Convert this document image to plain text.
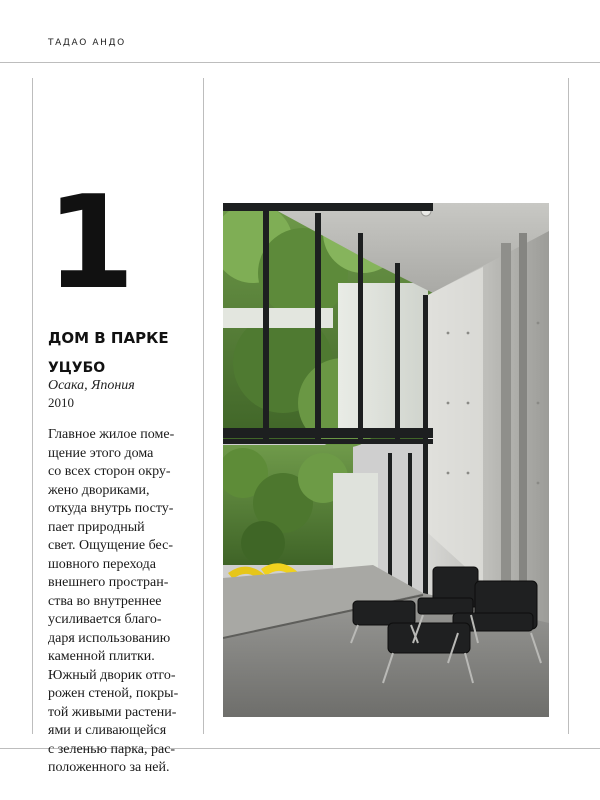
ТАДАО АНДО
1
ДОМ В ПАРКЕ
УЦУБО
Осака, Япония
2010
Главное жилое поме-
щение этого дома
со всех сторон окру-
жено двориками,
откуда внутрь посту-
пает природный
свет. Ощущение бес-
шовного перехода
внешнего простран-
ства во внутреннее
усиливается благо-
даря использованию
каменной плитки.
Южный дворик отго-
рожен стеной, покры-
той живыми растени-
ями и сливающейся
с зеленью парка, рас-
положенного за ней.
